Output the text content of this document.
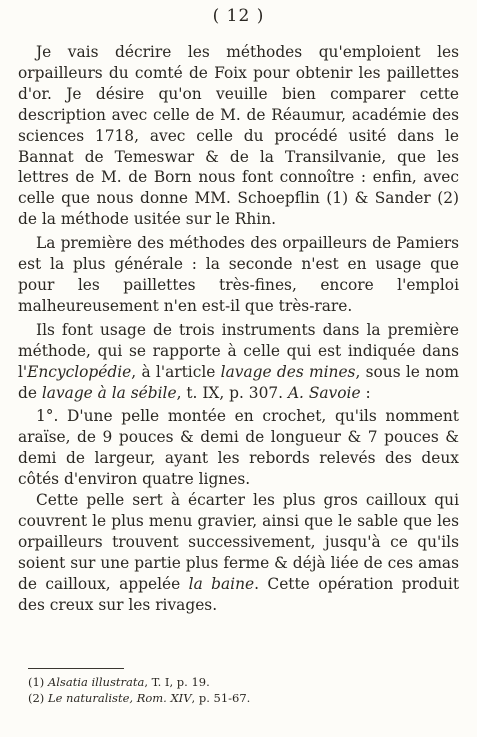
( 12 )

Je vais décrire les méthodes qu'emploient les orpailleurs du comté de Foix pour obtenir les paillettes d'or. Je désire qu'on veuille bien comparer cette description avec celle de M. de Réaumur, académie des sciences 1718, avec celle du procédé usité dans le Bannat de Temeswar & de la Transilvanie, que les lettres de M. de Born nous font connoître : enfin, avec celle que nous donne MM. Schoepflin (1) & Sander (2) de la méthode usitée sur le Rhin.

La première des méthodes des orpailleurs de Pamiers est la plus générale : la seconde n'est en usage que pour les paillettes très-fines, encore l'emploi malheureusement n'en est-il que très-rare.

Ils font usage de trois instruments dans la première méthode, qui se rapporte à celle qui est indiquée dans l'Encyclopédie, à l'article lavage des mines, sous le nom de lavage à la sébile, t. IX, p. 307. A. Savoie :

1°. D'une pelle montée en crochet, qu'ils nomment araïse, de 9 pouces & demi de longueur & 7 pouces & demi de largeur, ayant les rebords relevés des deux côtés d'environ quatre lignes.

Cette pelle sert à écarter les plus gros cailloux qui couvrent le plus menu gravier, ainsi que le sable que les orpailleurs trouvent successivement, jusqu'à ce qu'ils soient sur une partie plus ferme & déjà liée de ces amas de cailloux, appelée la baine. Cette opération produit des creux sur les rivages.

(1) Alsatia illustrata, T. I, p. 19.
(2) Le naturaliste, Rom. XIV, p. 51-67.
